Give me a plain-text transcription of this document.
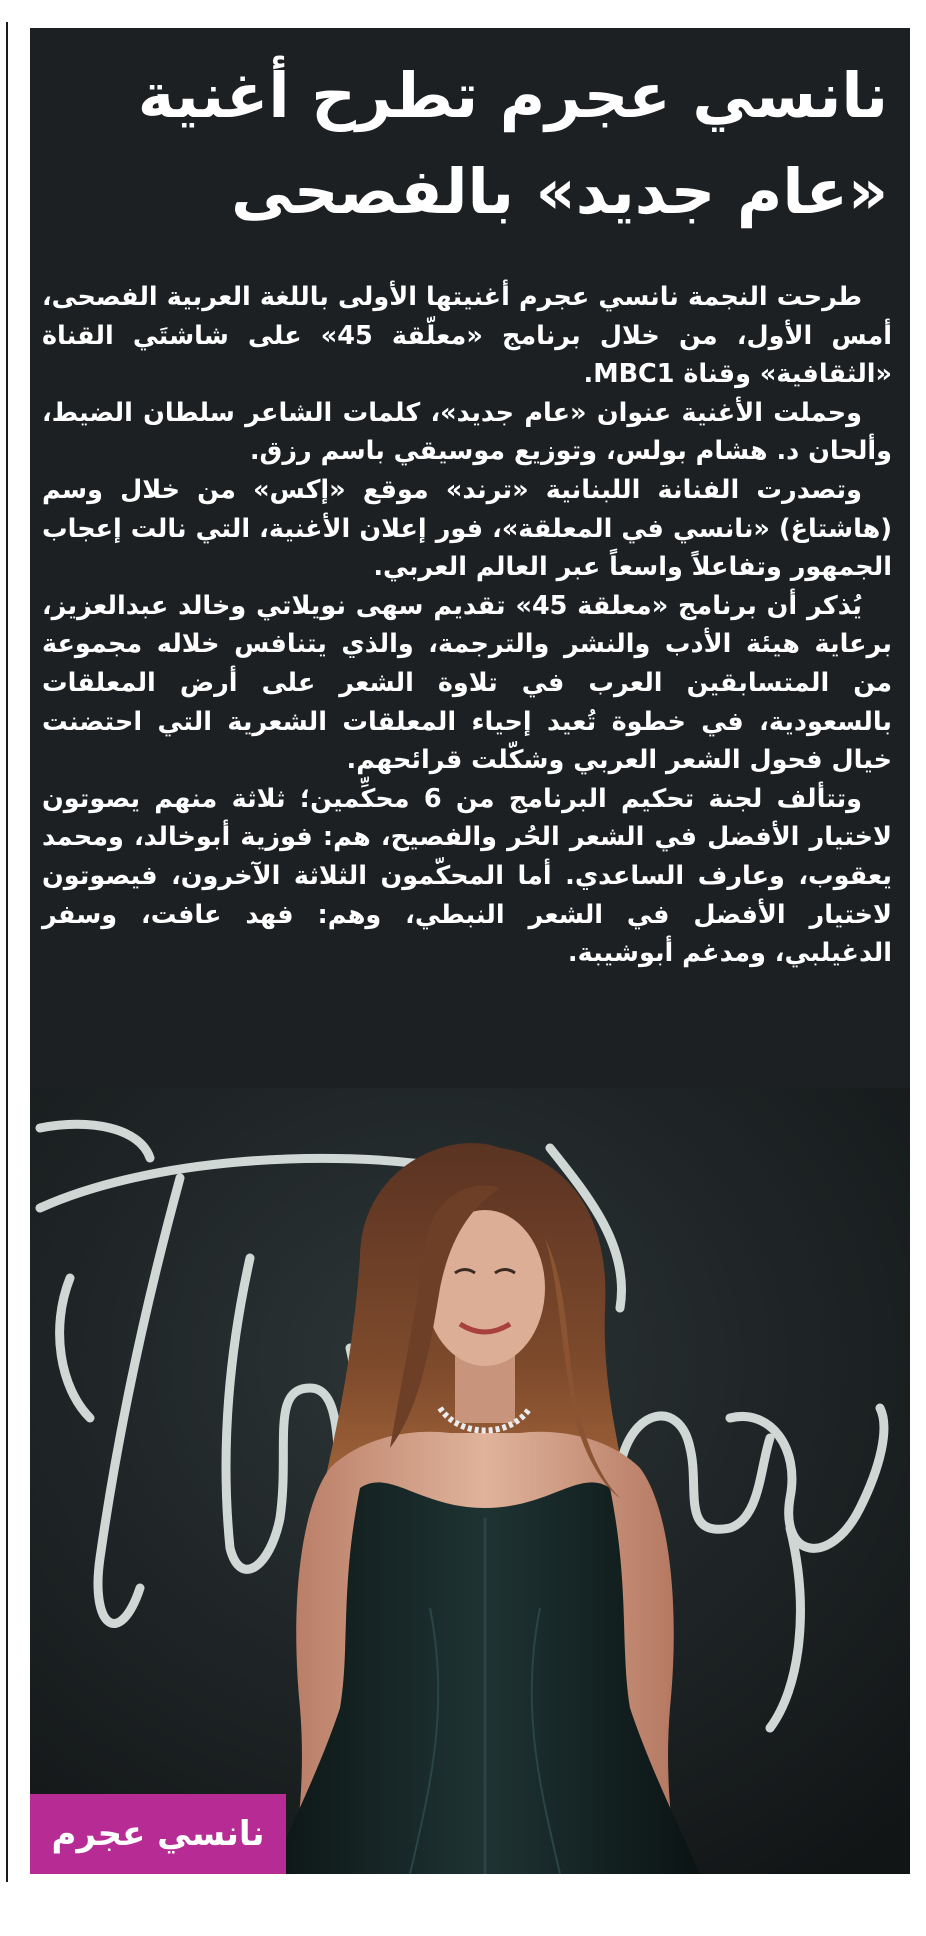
نانسي عجرم تطرح أغنية «عام جديد» بالفصحى

طرحت النجمة نانسي عجرم أغنيتها الأولى باللغة العربية الفصحى، أمس الأول، من خلال برنامج «معلّقة 45» على شاشتَي القناة «الثقافية» وقناة MBC1.

وحملت الأغنية عنوان «عام جديد»، كلمات الشاعر سلطان الضيط، وألحان د. هشام بولس، وتوزيع موسيقي باسم رزق.

وتصدرت الفنانة اللبنانية «ترند» موقع «إكس» من خلال وسم (هاشتاغ) «نانسي في المعلقة»، فور إعلان الأغنية، التي نالت إعجاب الجمهور وتفاعلاً واسعاً عبر العالم العربي.

يُذكر أن برنامج «معلقة 45» تقديم سهى نويلاتي وخالد عبدالعزيز، برعاية هيئة الأدب والنشر والترجمة، والذي يتنافس خلاله مجموعة من المتسابقين العرب في تلاوة الشعر على أرض المعلقات بالسعودية، في خطوة تُعيد إحياء المعلقات الشعرية التي احتضنت خيال فحول الشعر العربي وشكّلت قرائحهم.

وتتألف لجنة تحكيم البرنامج من 6 محكِّمين؛ ثلاثة منهم يصوتون لاختيار الأفضل في الشعر الحُر والفصيح، هم: فوزية أبوخالد، ومحمد يعقوب، وعارف الساعدي. أما المحكّمون الثلاثة الآخرون، فيصوتون لاختيار الأفضل في الشعر النبطي، وهم: فهد عافت، وسفر الدغيلبي، ومدغم أبوشيبة.

نانسي عجرم
